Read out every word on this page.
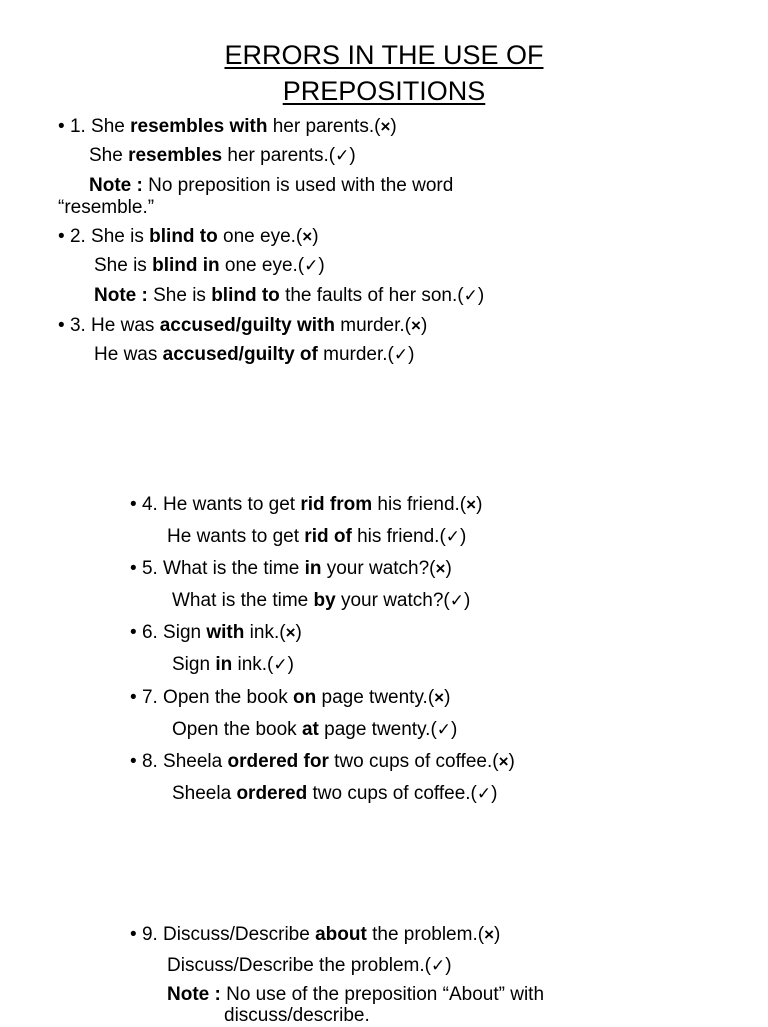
ERRORS IN THE USE OF
PREPOSITIONS
• 1. She resembles with her parents.(×)
She resembles her parents.(✓)
Note : No preposition is used with the word
“resemble.”
• 2. She is blind to one eye.(×)
She is blind in one eye.(✓)
Note : She is blind to the faults of her son.(✓)
• 3. He was accused/guilty with murder.(×)
He was accused/guilty of murder.(✓)
• 4. He wants to get rid from his friend.(×)
He wants to get rid of his friend.(✓)
• 5. What is the time in your watch?(×)
What is the time by your watch?(✓)
• 6. Sign with ink.(×)
Sign in ink.(✓)
• 7. Open the book on page twenty.(×)
Open the book at page twenty.(✓)
• 8. Sheela ordered for two cups of coffee.(×)
Sheela ordered two cups of coffee.(✓)
• 9. Discuss/Describe about the problem.(×)
Discuss/Describe the problem.(✓)
Note : No use of the preposition “About” with
discuss/describe.
